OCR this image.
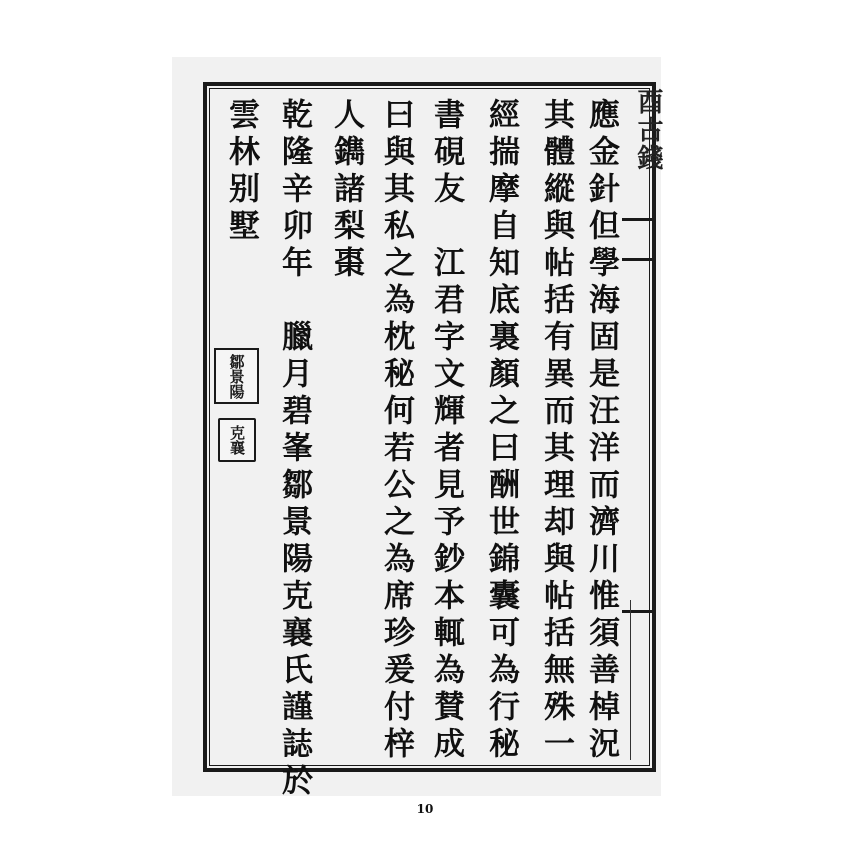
酉古錢
應金針但學海固是汪洋而濟川惟須善棹況
其體縱與帖括有異而其理却與帖括無殊一
經揣摩自知底裏顏之曰酬世錦囊可為行秘
書硯友　江君字文輝者見予鈔本輒為賛成
曰與其私之為枕秘何若公之為席珍爰付梓
人鐫諸梨棗
乾隆辛卯年　臘月碧峯鄒景陽克襄氏謹誌於
雲林别墅
鄒景陽
克襄
10
